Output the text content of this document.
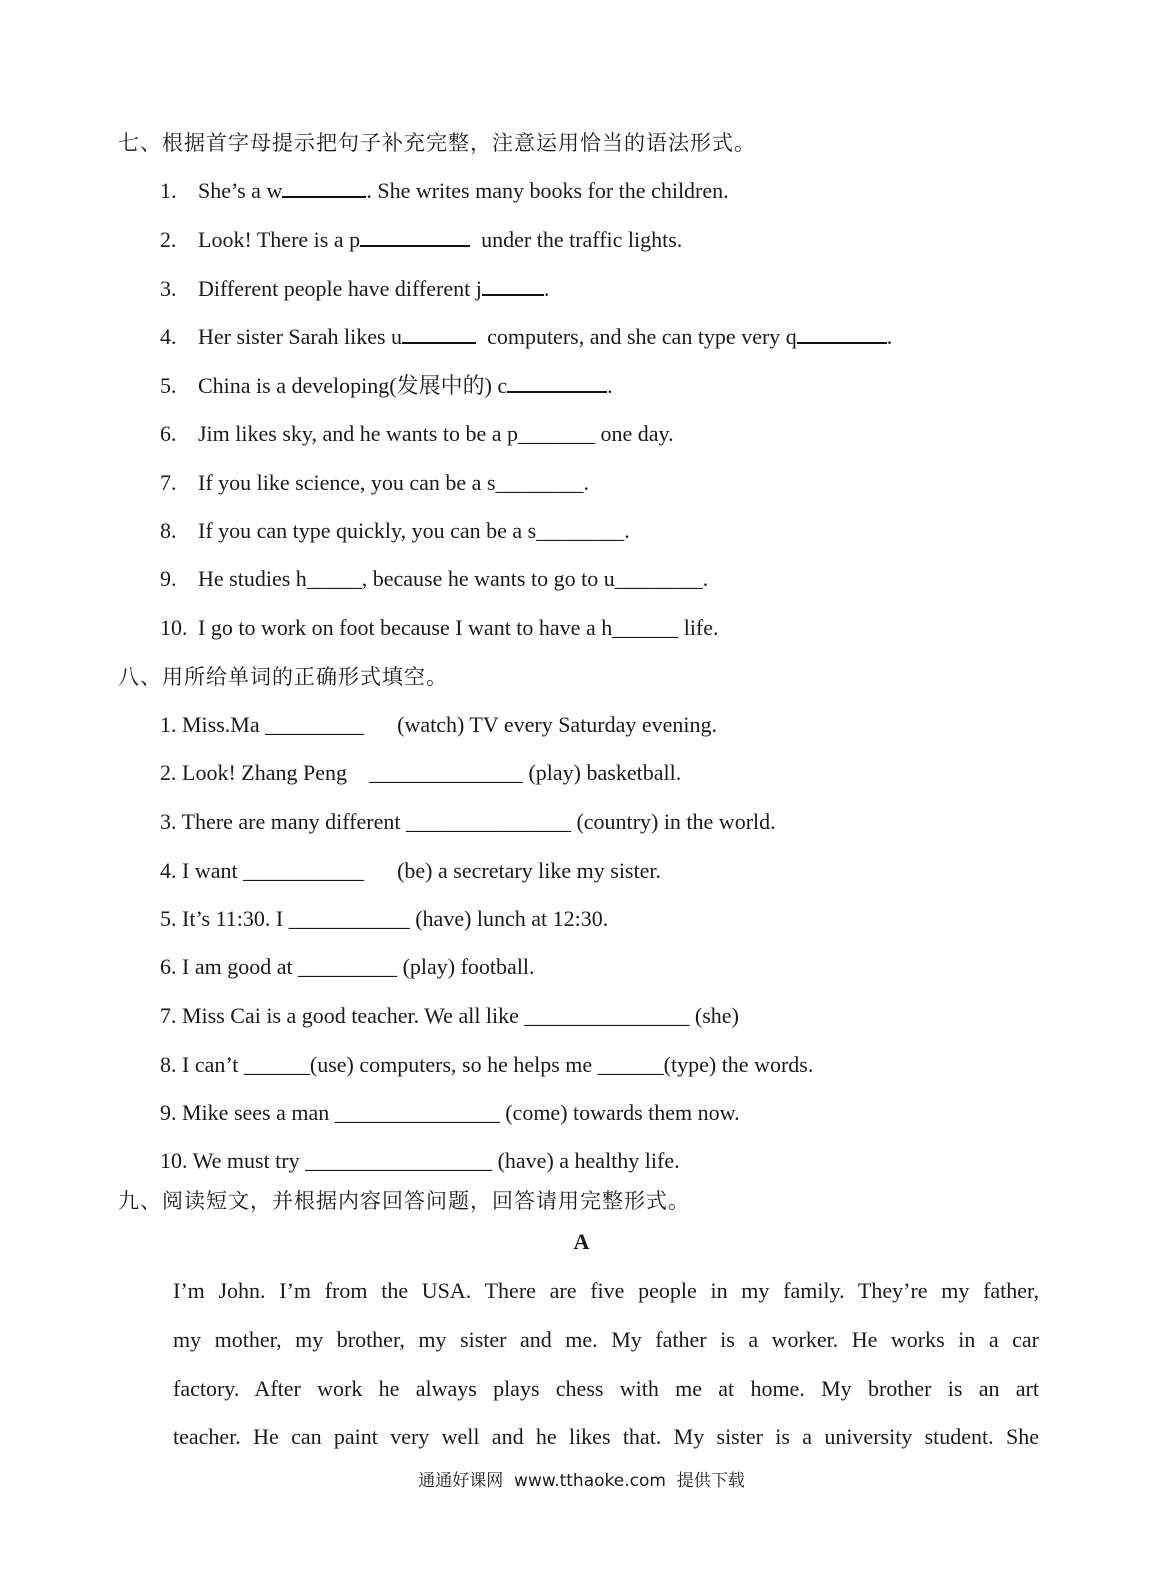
七、根据首字母提示把句子补充完整，注意运用恰当的语法形式。
1. She’s a w	. She writes many books for the children.
2. Look! There is a p	under the traffic lights.
3. Different people have different j	.
4. Her sister Sarah likes u	computers, and she can type very q	.
5. China is a developing(发展中的) c	.
6. Jim likes sky, and he wants to be a p_______ one day.
7. If you like science, you can be a s________.
8. If you can type quickly, you can be a s________.
9. He studies h_____, because he wants to go to u________.
10. I go to work on foot because I want to have a h______ life.
八、用所给单词的正确形式填空。
1. Miss.Ma _________      (watch) TV every Saturday evening.
2. Look! Zhang Peng    ______________ (play) basketball.
3. There are many different _______________ (country) in the world.
4. I want ___________      (be) a secretary like my sister.
5. It’s 11:30. I ___________ (have) lunch at 12:30.
6. I am good at _________ (play) football.
7. Miss Cai is a good teacher. We all like _______________ (she)
8. I can’t ______(use) computers, so he helps me ______(type) the words.
9. Mike sees a man _______________ (come) towards them now.
10. We must try _________________ (have) a healthy life.
九、阅读短文，并根据内容回答问题，回答请用完整形式。
A
I’m John. I’m from the USA. There are five people in my family. They’re my father,
my mother, my brother, my sister and me. My father is a worker. He works in a car
factory. After work he always plays chess with me at home. My brother is an art
teacher. He can paint very well and he likes that. My sister is a university student. She
通通好课网  www.tthaoke.com  提供下载
